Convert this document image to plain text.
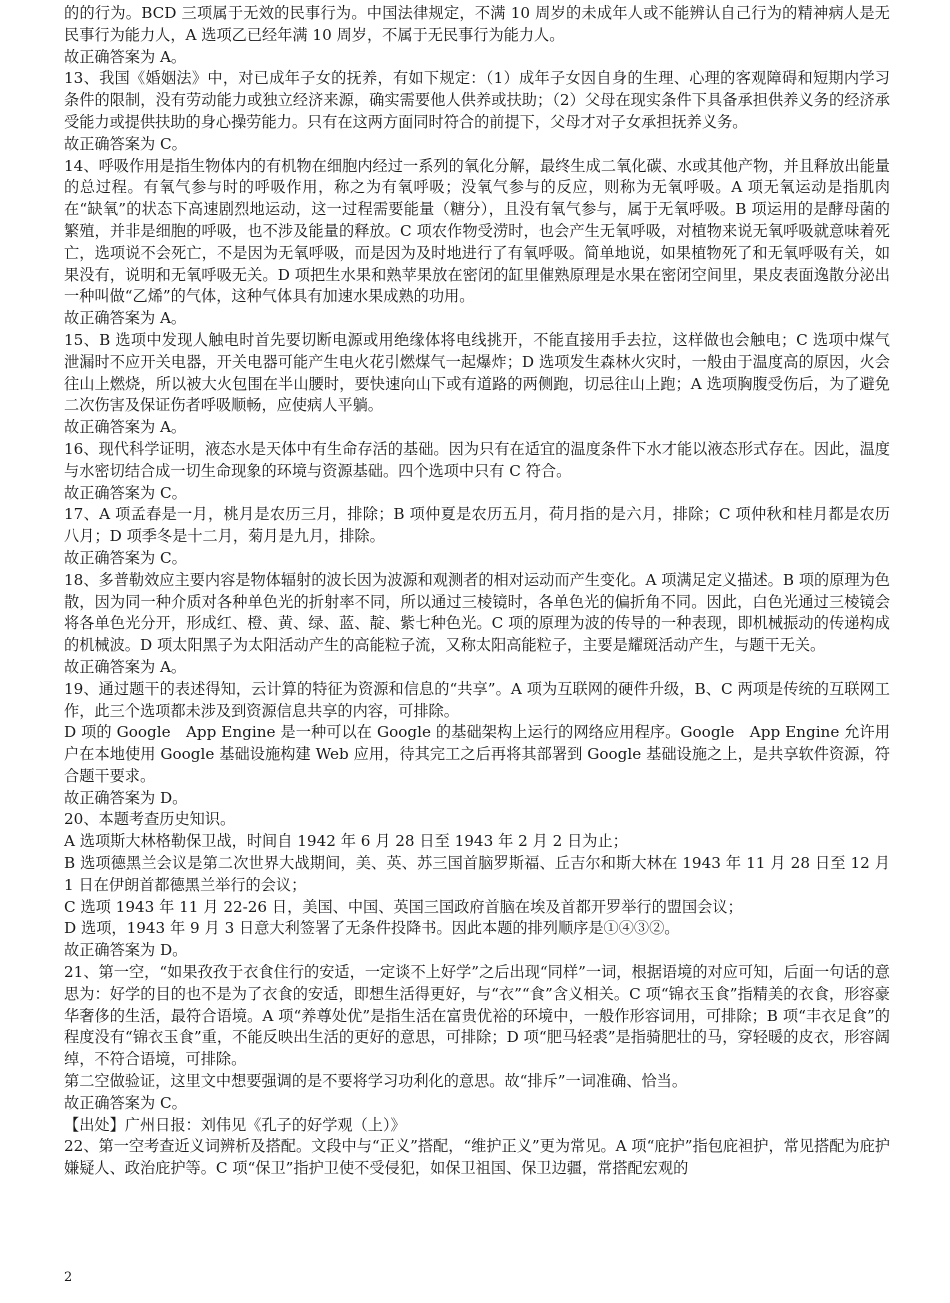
的的行为。BCD 三项属于无效的民事行为。中国法律规定，不满 10 周岁的未成年人或不能辨认自己行为的精神病人是无民事行为能力人，A 选项乙已经年满 10 周岁，不属于无民事行为能力人。

故正确答案为 A。

13、我国《婚姻法》中，对已成年子女的抚养，有如下规定：（1）成年子女因自身的生理、心理的客观障碍和短期内学习条件的限制，没有劳动能力或独立经济来源，确实需要他人供养或扶助；（2）父母在现实条件下具备承担供养义务的经济承受能力或提供扶助的身心操劳能力。只有在这两方面同时符合的前提下，父母才对子女承担抚养义务。

故正确答案为 C。

14、呼吸作用是指生物体内的有机物在细胞内经过一系列的氧化分解，最终生成二氧化碳、水或其他产物，并且释放出能量的总过程。有氧气参与时的呼吸作用，称之为有氧呼吸；没氧气参与的反应，则称为无氧呼吸。A 项无氧运动是指肌肉在“缺氧”的状态下高速剧烈地运动，这一过程需要能量（糖分），且没有氧气参与，属于无氧呼吸。B 项运用的是酵母菌的繁殖，并非是细胞的呼吸，也不涉及能量的释放。C 项农作物受涝时，也会产生无氧呼吸，对植物来说无氧呼吸就意味着死亡，选项说不会死亡，不是因为无氧呼吸，而是因为及时地进行了有氧呼吸。简单地说，如果植物死了和无氧呼吸有关，如果没有，说明和无氧呼吸无关。D 项把生水果和熟苹果放在密闭的缸里催熟原理是水果在密闭空间里，果皮表面逸散分泌出一种叫做“乙烯”的气体，这种气体具有加速水果成熟的功用。

故正确答案为 A。

15、B 选项中发现人触电时首先要切断电源或用绝缘体将电线挑开，不能直接用手去拉，这样做也会触电；C 选项中煤气泄漏时不应开关电器，开关电器可能产生电火花引燃煤气一起爆炸；D 选项发生森林火灾时，一般由于温度高的原因，火会往山上燃烧，所以被大火包围在半山腰时，要快速向山下或有道路的两侧跑，切忌往山上跑；A 选项胸腹受伤后，为了避免二次伤害及保证伤者呼吸顺畅，应使病人平躺。

故正确答案为 A。

16、现代科学证明，液态水是天体中有生命存活的基础。因为只有在适宜的温度条件下水才能以液态形式存在。因此，温度与水密切结合成一切生命现象的环境与资源基础。四个选项中只有 C 符合。

故正确答案为 C。

17、A 项孟春是一月，桃月是农历三月，排除；B 项仲夏是农历五月，荷月指的是六月，排除；C 项仲秋和桂月都是农历八月；D 项季冬是十二月，菊月是九月，排除。

故正确答案为 C。

18、多普勒效应主要内容是物体辐射的波长因为波源和观测者的相对运动而产生变化。A 项满足定义描述。B 项的原理为色散，因为同一种介质对各种单色光的折射率不同，所以通过三棱镜时，各单色光的偏折角不同。因此，白色光通过三棱镜会将各单色光分开，形成红、橙、黄、绿、蓝、靛、紫七种色光。C 项的原理为波的传导的一种表现，即机械振动的传递构成的机械波。D 项太阳黑子为太阳活动产生的高能粒子流，又称太阳高能粒子，主要是耀斑活动产生，与题干无关。

故正确答案为 A。

19、通过题干的表述得知，云计算的特征为资源和信息的“共享”。A 项为互联网的硬件升级，B、C 两项是传统的互联网工作，此三个选项都未涉及到资源信息共享的内容，可排除。

D 项的 Google　App Engine 是一种可以在 Google 的基础架构上运行的网络应用程序。Google　App Engine 允许用户在本地使用 Google 基础设施构建 Web 应用，待其完工之后再将其部署到 Google 基础设施之上，是共享软件资源，符合题干要求。

故正确答案为 D。

20、本题考查历史知识。

A 选项斯大林格勒保卫战，时间自 1942 年 6 月 28 日至 1943 年 2 月 2 日为止；

B 选项德黑兰会议是第二次世界大战期间，美、英、苏三国首脑罗斯福、丘吉尔和斯大林在 1943 年 11 月 28 日至 12 月 1 日在伊朗首都德黑兰举行的会议；

C 选项 1943 年 11 月 22-26 日，美国、中国、英国三国政府首脑在埃及首都开罗举行的盟国会议；

D 选项，1943 年 9 月 3 日意大利签署了无条件投降书。因此本题的排列顺序是①④③②。

故正确答案为 D。

21、第一空，“如果孜孜于衣食住行的安适，一定谈不上好学”之后出现“同样”一词，根据语境的对应可知，后面一句话的意思为：好学的目的也不是为了衣食的安适，即想生活得更好，与“衣”“食”含义相关。C 项“锦衣玉食”指精美的衣食，形容豪华奢侈的生活，最符合语境。A 项“养尊处优”是指生活在富贵优裕的环境中，一般作形容词用，可排除；B 项“丰衣足食”的程度没有“锦衣玉食”重，不能反映出生活的更好的意思，可排除；D 项“肥马轻裘”是指骑肥壮的马，穿轻暖的皮衣，形容阔绰，不符合语境，可排除。

第二空做验证，这里文中想要强调的是不要将学习功利化的意思。故“排斥”一词准确、恰当。

故正确答案为 C。

【出处】广州日报：刘伟见《孔子的好学观（上）》

22、第一空考查近义词辨析及搭配。文段中与“正义”搭配，“维护正义”更为常见。A 项“庇护”指包庇袒护，常见搭配为庇护嫌疑人、政治庇护等。C 项“保卫”指护卫使不受侵犯，如保卫祖国、保卫边疆，常搭配宏观的

2
